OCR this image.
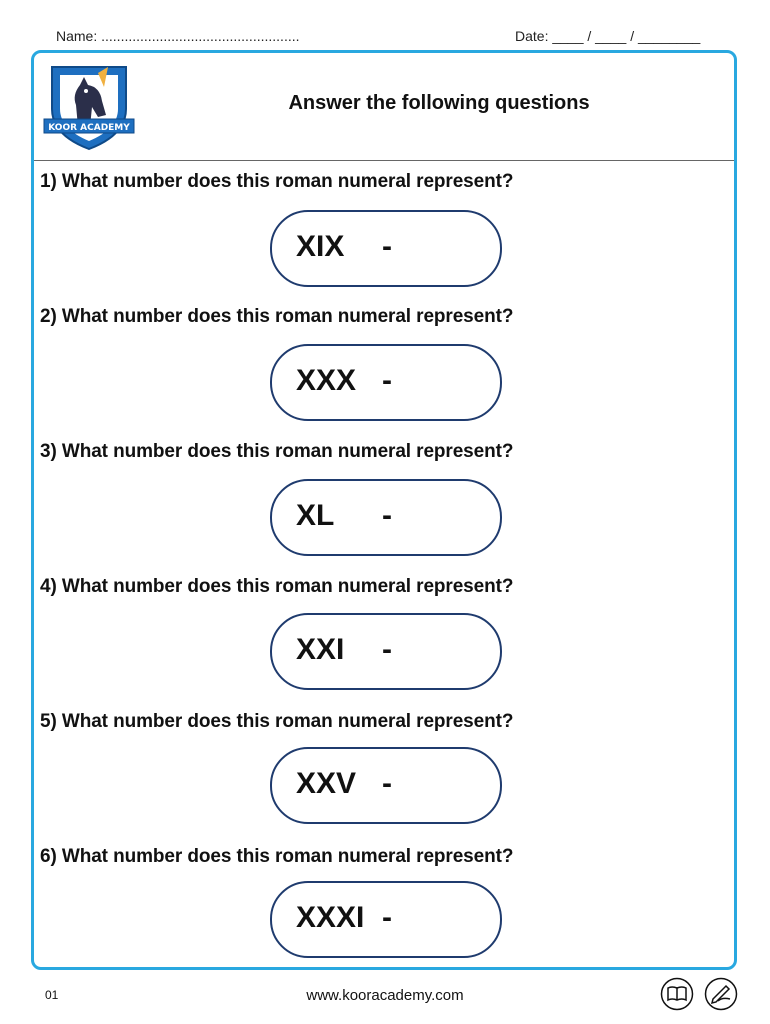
Name: ...................................................	Date: ____ / ____ / ________
KOOR ACADEMY
Answer the following questions
1) What number does this roman numeral represent?
XIX -
2) What number does this roman numeral represent?
XXX -
3) What number does this roman numeral represent?
XL -
4) What number does this roman numeral represent?
XXI -
5) What number does this roman numeral represent?
XXV -
6) What number does this roman numeral represent?
XXXI -
01	www.kooracademy.com
